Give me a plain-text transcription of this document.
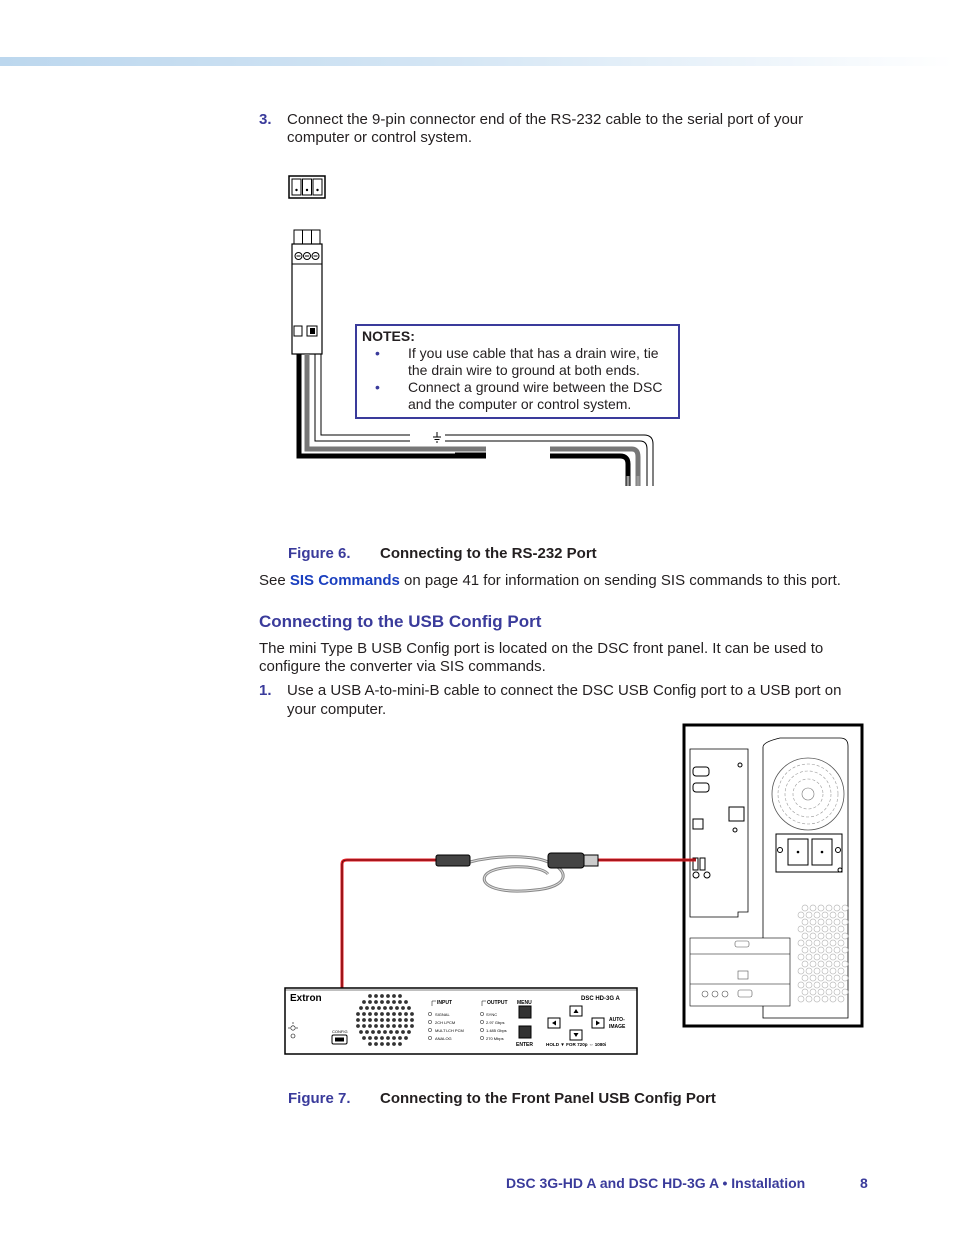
3. Connect the 9-pin connector end of the RS-232 cable to the serial port of your
computer or control system.
NOTES:
• If you use cable that has a drain wire, tie the drain wire to ground at both ends.
• Connect a ground wire between the DSC and the computer or control system.
Figure 6. Connecting to the RS-232 Port
See SIS Commands on page 41 for information on sending SIS commands to this port.
Connecting to the USB Config Port
The mini Type B USB Config port is located on the DSC front panel. It can be used to
configure the converter via SIS commands.
1. Use a USB A-to-mini-B cable to connect the DSC USB Config port to a USB port on
your computer.
Extron
CONFIG
INPUT
SIGNAL
2CH LPCM
MULTI-CH PCM
ANALOG
OUTPUT
SYNC
2.97 Gbps
1.485 Gbps
270 Mbps
MENU
ENTER
DSC HD-3G A
AUTO-
IMAGE
HOLD ▼ FOR 720p ⇔ 1080i
Figure 7. Connecting to the Front Panel USB Config Port
DSC 3G-HD A and DSC HD-3G A • Installation	8
